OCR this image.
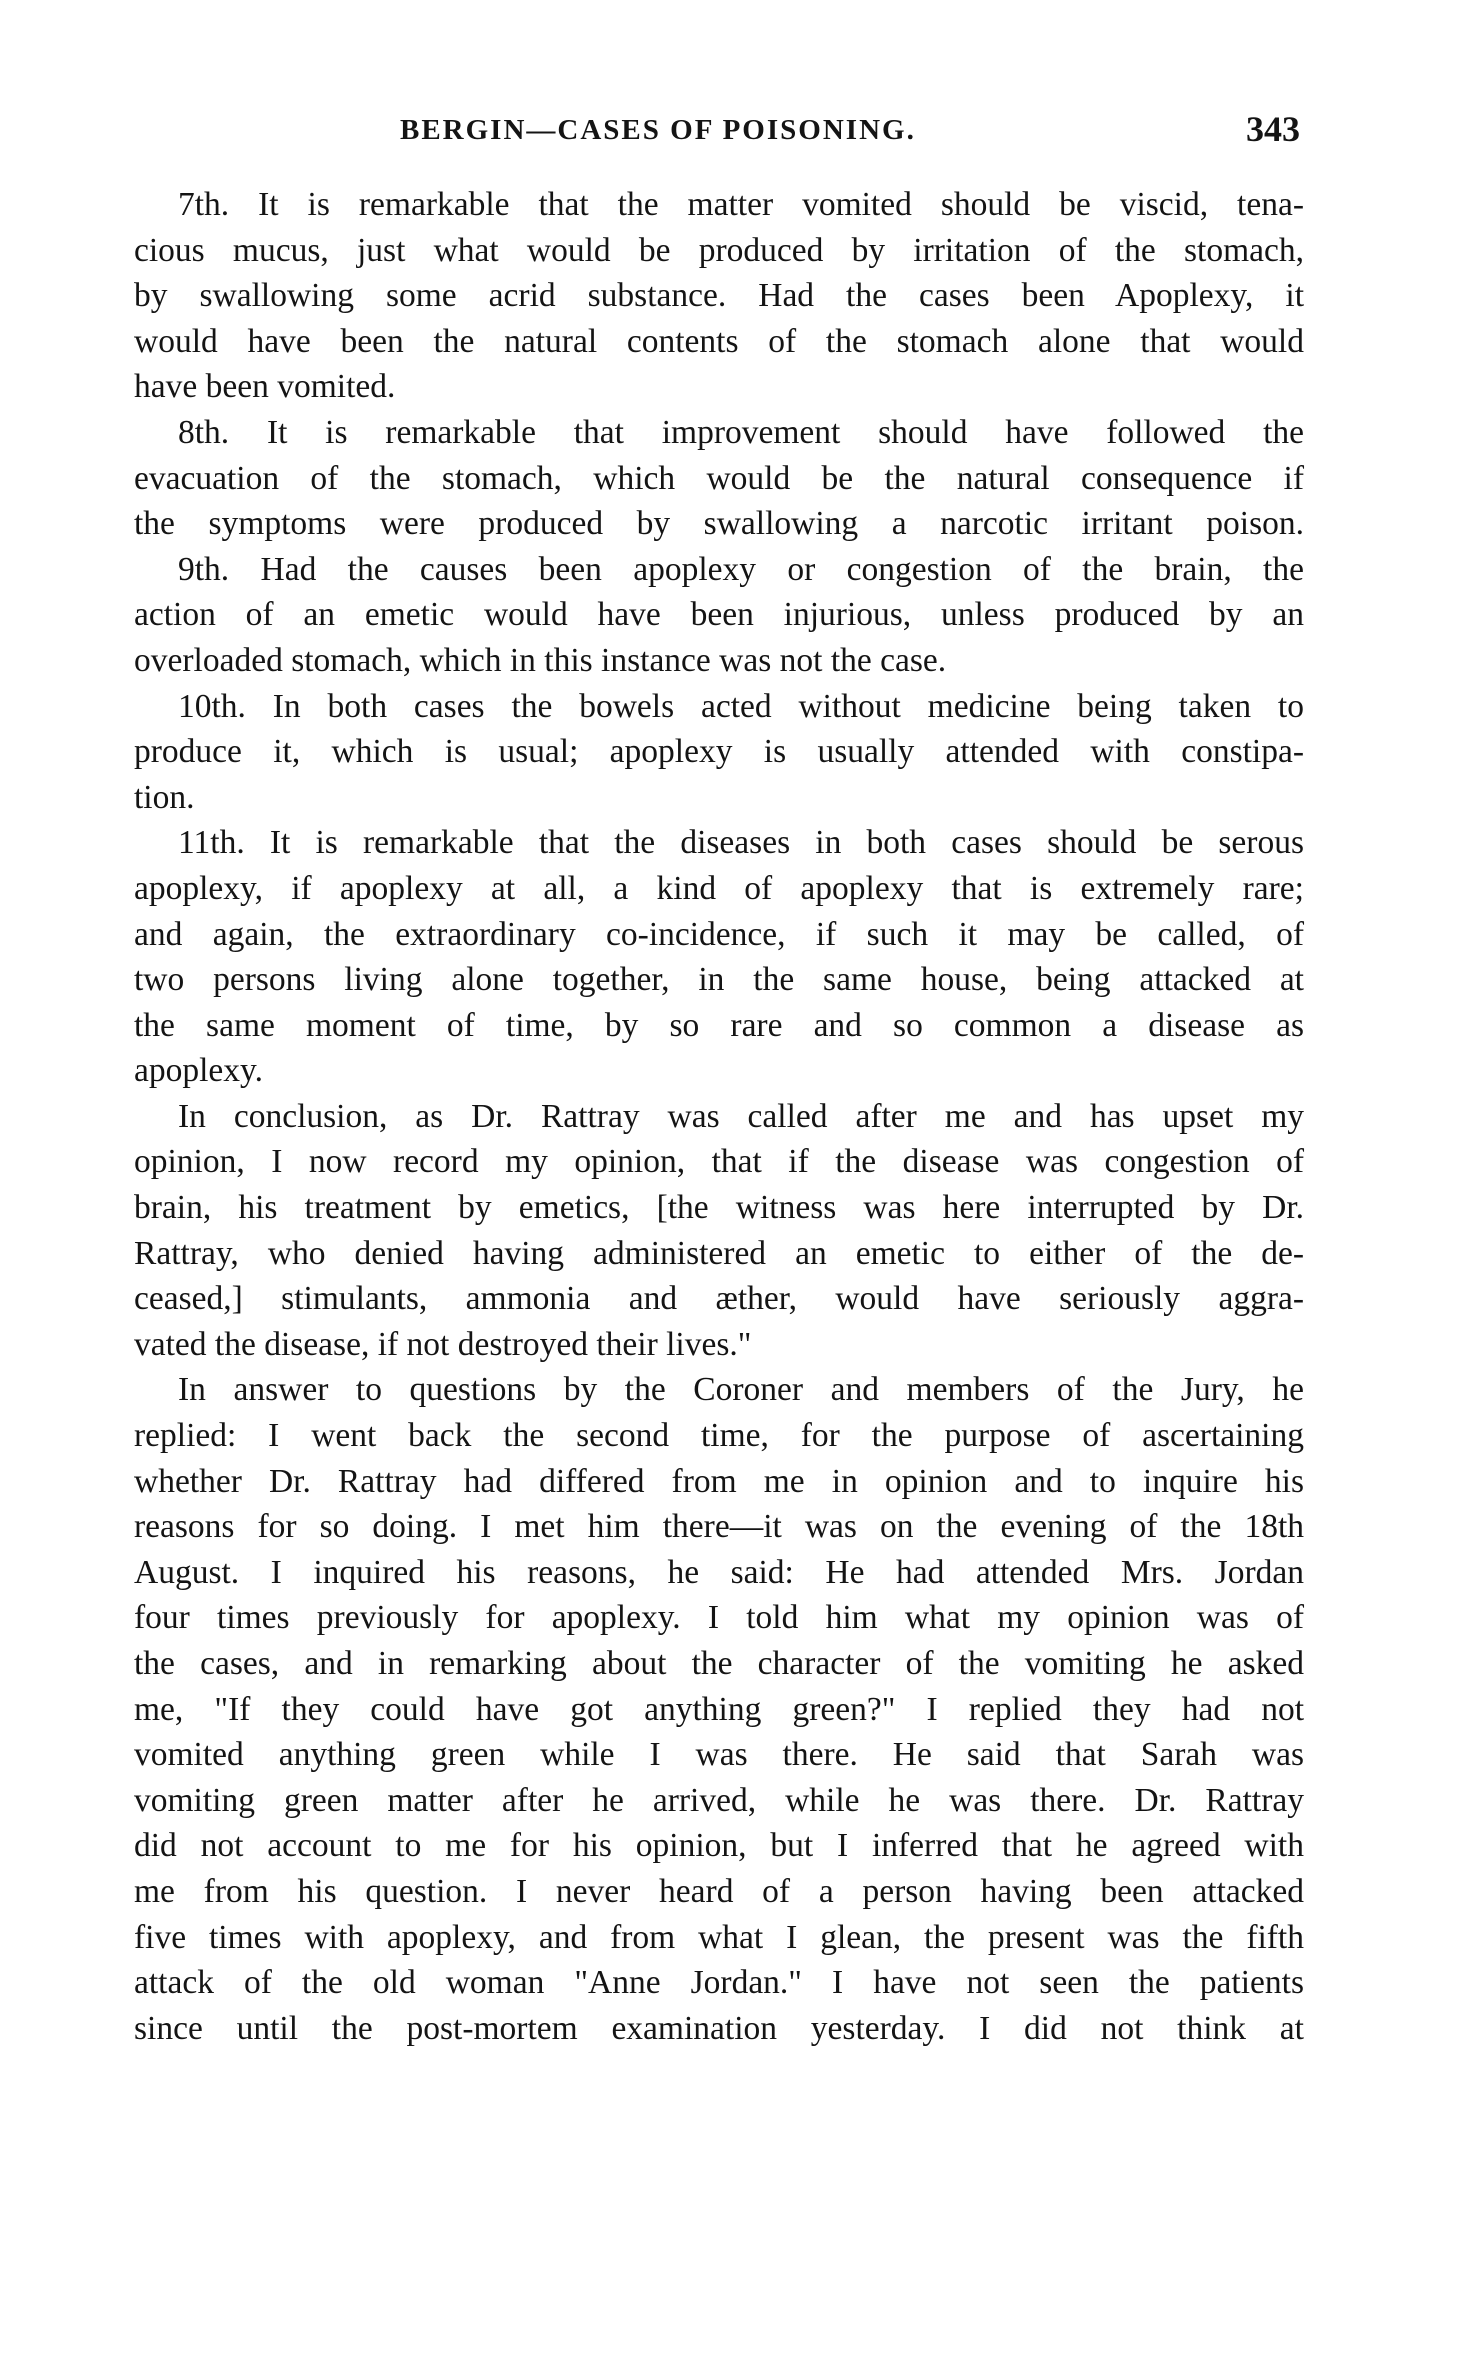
BERGIN—CASES OF POISONING.	343
7th. It is remarkable that the matter vomited should be viscid, tena-
cious mucus, just what would be produced by irritation of the stomach,
by swallowing some acrid substance. Had the cases been Apoplexy, it
would have been the natural contents of the stomach alone that would
have been vomited.
8th. It is remarkable that improvement should have followed the
evacuation of the stomach, which would be the natural consequence if
the symptoms were produced by swallowing a narcotic irritant poison.
9th. Had the causes been apoplexy or congestion of the brain, the
action of an emetic would have been injurious, unless produced by an
overloaded stomach, which in this instance was not the case.
10th. In both cases the bowels acted without medicine being taken to
produce it, which is usual; apoplexy is usually attended with constipa-
tion.
11th. It is remarkable that the diseases in both cases should be serous
apoplexy, if apoplexy at all, a kind of apoplexy that is extremely rare;
and again, the extraordinary co-incidence, if such it may be called, of
two persons living alone together, in the same house, being attacked at
the same moment of time, by so rare and so common a disease as
apoplexy.
In conclusion, as Dr. Rattray was called after me and has upset my
opinion, I now record my opinion, that if the disease was congestion of
brain, his treatment by emetics, [the witness was here interrupted by Dr.
Rattray, who denied having administered an emetic to either of the de-
ceased,] stimulants, ammonia and æther, would have seriously aggra-
vated the disease, if not destroyed their lives."
In answer to questions by the Coroner and members of the Jury, he
replied: I went back the second time, for the purpose of ascertaining
whether Dr. Rattray had differed from me in opinion and to inquire his
reasons for so doing. I met him there—it was on the evening of the 18th
August. I inquired his reasons, he said: He had attended Mrs. Jordan
four times previously for apoplexy. I told him what my opinion was of
the cases, and in remarking about the character of the vomiting he asked
me, "If they could have got anything green?" I replied they had not
vomited anything green while I was there. He said that Sarah was
vomiting green matter after he arrived, while he was there. Dr. Rattray
did not account to me for his opinion, but I inferred that he agreed with
me from his question. I never heard of a person having been attacked
five times with apoplexy, and from what I glean, the present was the fifth
attack of the old woman "Anne Jordan." I have not seen the patients
since until the post-mortem examination yesterday. I did not think at
